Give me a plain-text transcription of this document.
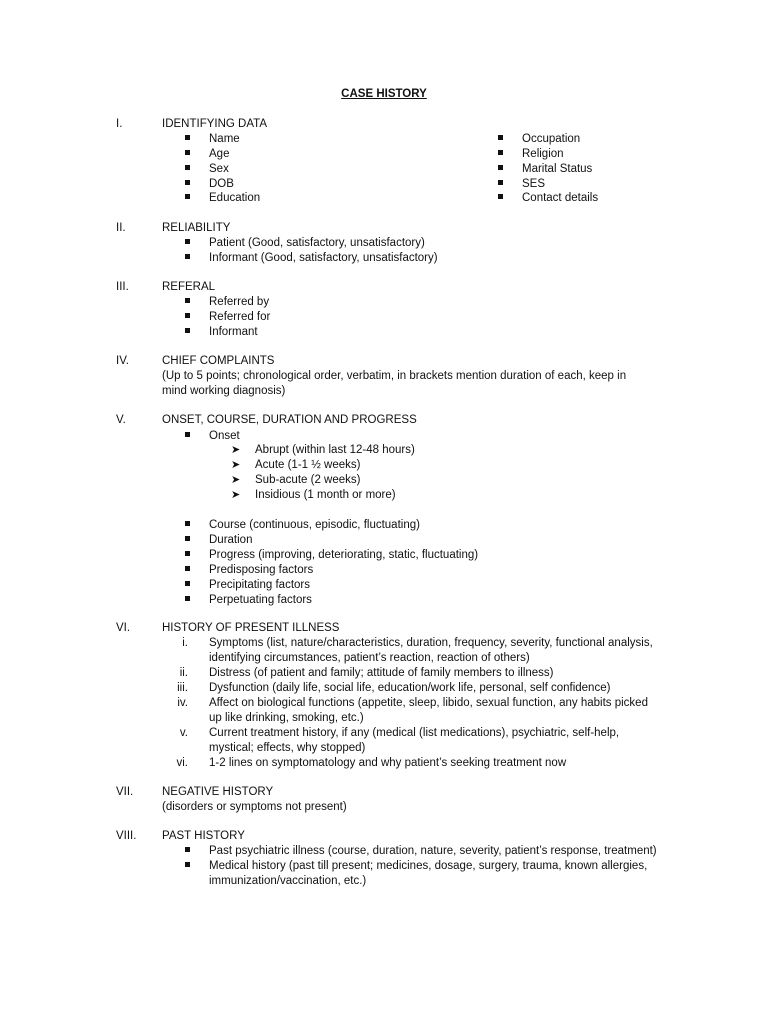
CASE HISTORY
I.	IDENTIFYING DATA
Name
Age
Sex
DOB
Education
Occupation
Religion
Marital Status
SES
Contact details
II.	RELIABILITY
Patient (Good, satisfactory, unsatisfactory)
Informant (Good, satisfactory, unsatisfactory)
III.	REFERAL
Referred by
Referred for
Informant
IV.	CHIEF COMPLAINTS
(Up to 5 points; chronological order, verbatim, in brackets mention duration of each, keep in
mind working diagnosis)
V.	ONSET, COURSE, DURATION AND PROGRESS
Onset
➤ Abrupt (within last 12-48 hours)
➤ Acute (1-1 ½ weeks)
➤ Sub-acute (2 weeks)
➤ Insidious (1 month or more)
Course (continuous, episodic, fluctuating)
Duration
Progress (improving, deteriorating, static, fluctuating)
Predisposing factors
Precipitating factors
Perpetuating factors
VI.	HISTORY OF PRESENT ILLNESS
i. Symptoms (list, nature/characteristics, duration, frequency, severity, functional analysis,
identifying circumstances, patient’s reaction, reaction of others)
ii. Distress (of patient and family; attitude of family members to illness)
iii. Dysfunction (daily life, social life, education/work life, personal, self confidence)
iv. Affect on biological functions (appetite, sleep, libido, sexual function, any habits picked
up like drinking, smoking, etc.)
v. Current treatment history, if any (medical (list medications), psychiatric, self-help,
mystical; effects, why stopped)
vi. 1-2 lines on symptomatology and why patient’s seeking treatment now
VII. NEGATIVE HISTORY
(disorders or symptoms not present)
VIII. PAST HISTORY
Past psychiatric illness (course, duration, nature, severity, patient’s response, treatment)
Medical history (past till present; medicines, dosage, surgery, trauma, known allergies,
immunization/vaccination, etc.)
